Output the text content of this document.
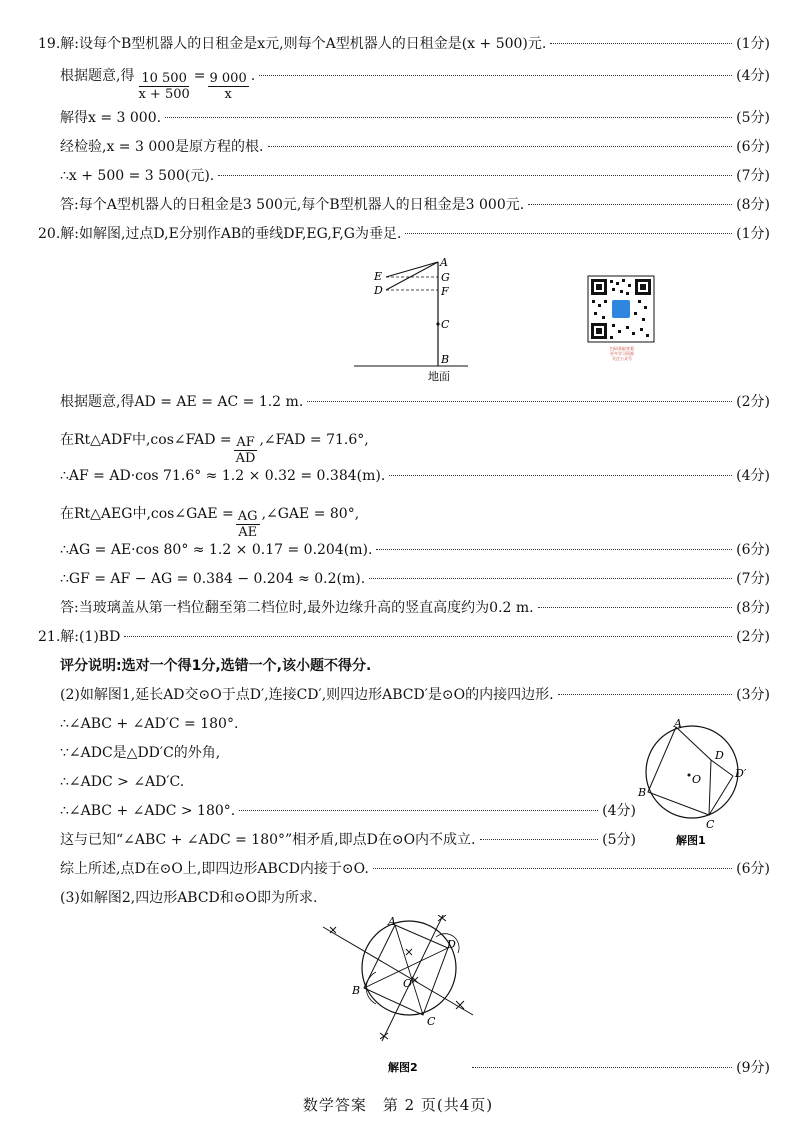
19.解:设每个B型机器人的日租金是x元,则每个A型机器人的日租金是(x + 500)元.	(1分)
根据题意,得 $\frac{10 500}{x + 500} = \frac{9 000}{x}$ .	(4分)
解得x = 3 000.	(5分)
经检验,x = 3 000是原方程的根.	(6分)
∴x + 500 = 3 500(元).	(7分)
答:每个A型机器人的日租金是3 500元,每个B型机器人的日租金是3 000元.	(8分)
20.解:如解图,过点D,E分别作AB的垂线DF,EG,F,G为垂足.	(1分)
E
D
A
G
F
C
B
地面
扫码获取答案
更多学习资源
关注公众号
根据题意,得AD = AE = AC = 1.2 m.	(2分)
在Rt△ADF中,cos∠FAD = $\frac{AF}{AD}$ ,∠FAD = 71.6°,
∴AF = AD·cos 71.6° ≈ 1.2 × 0.32 = 0.384(m).	(4分)
在Rt△AEG中,cos∠GAE = $\frac{AG}{AE}$ ,∠GAE = 80°,
∴AG = AE·cos 80° ≈ 1.2 × 0.17 = 0.204(m).	(6分)
∴GF = AF − AG = 0.384 − 0.204 ≈ 0.2(m).	(7分)
答:当玻璃盖从第一档位翻至第二档位时,最外边缘升高的竖直高度约为0.2 m.	(8分)
21.解:(1)BD	(2分)
评分说明:选对一个得1分,选错一个,该小题不得分.
(2)如解图1,延长AD交⊙O于点D′,连接CD′,则四边形ABCD′是⊙O的内接四边形.	(3分)
∴∠ABC + ∠AD′C = 180°.
∵∠ADC是△DD′C的外角,
∴∠ADC > ∠AD′C.
∴∠ABC + ∠ADC > 180°.	(4分)
这与已知“∠ABC + ∠ADC = 180°”相矛盾,即点D在⊙O内不成立.	(5分)
综上所述,点D在⊙O上,即四边形ABCD内接于⊙O.	(6分)
(3)如解图2,四边形ABCD和⊙O即为所求.
A
D
D′
O
B
C
解图1
A
D
O
B
C
解图2	(9分)
数学答案　第 2 页(共4页)
